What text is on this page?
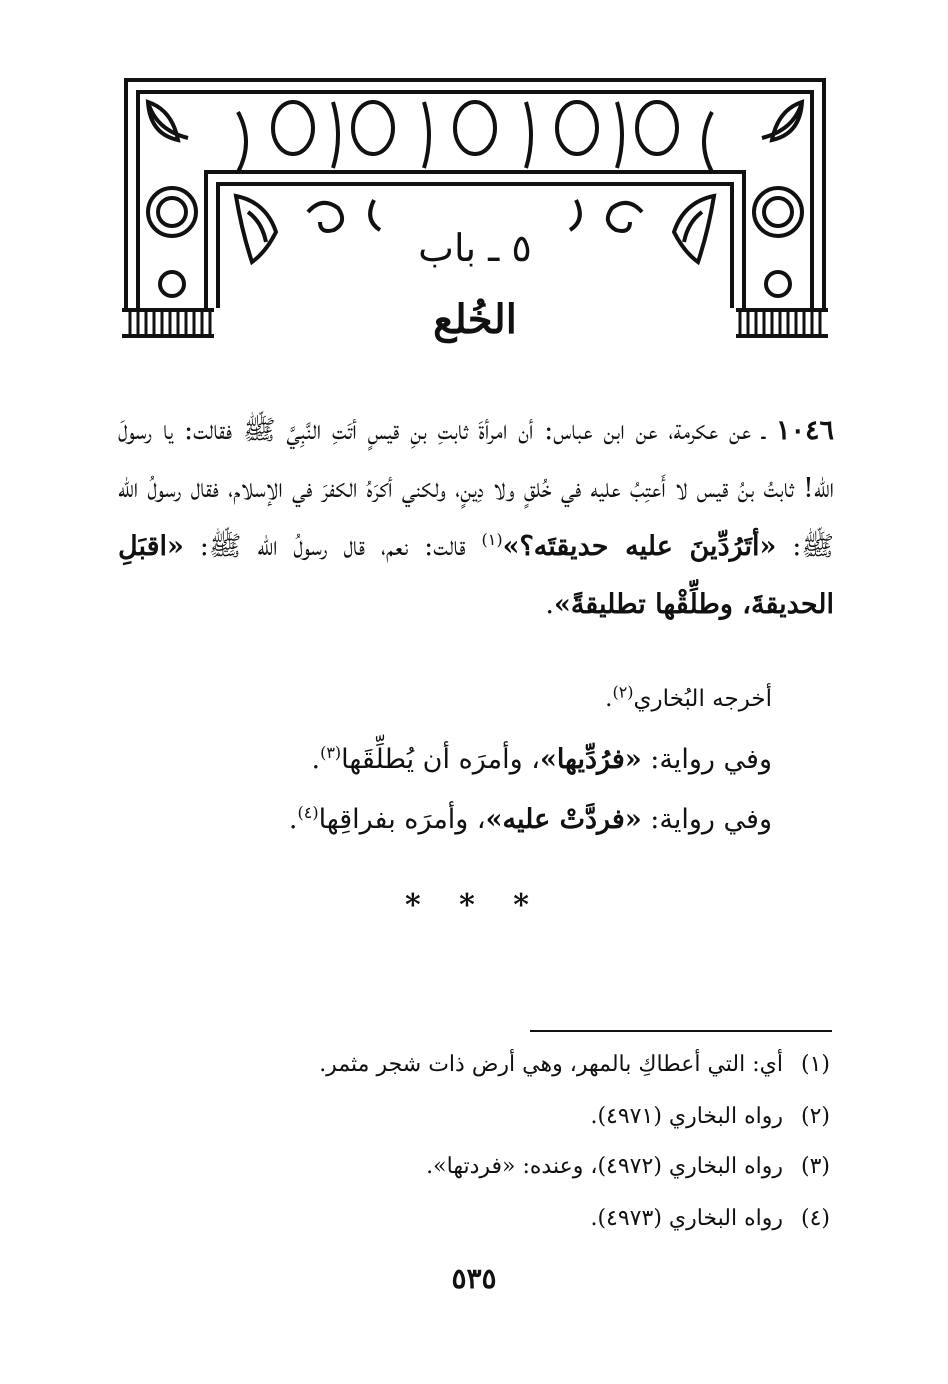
٥ ـ باب
الخُلع

١٠٤٦ ـ عن عكرمة، عن ابن عباس: أن امرأةَ ثابتِ بنِ قيسٍ أتَتِ النَّبِيَّ ﷺ فقالت: يا رسولَ الله! ثابتُ بنُ قيس لا أَعتِبُ عليه في خُلقٍ ولا دِينٍ، ولكني أكرَهُ الكفرَ في الإسلام، فقال رسولُ الله ﷺ: «أتَرُدِّينَ عليه حديقتَه؟»$^{(١)}$ قالت: نعم، قال رسولُ الله ﷺ: «اقبَلِ الحديقةَ، وطلِّقْها تطليقةً».

أخرجه البُخاري$^{(٢)}$.
وفي رواية: «فرُدِّيها»، وأمرَه أن يُطلِّقَها$^{(٣)}$.
وفي رواية: «فردَّتْ عليه»، وأمرَه بفراقِها$^{(٤)}$.
* * *
(١)أي: التي أعطاكِ بالمهر، وهي أرض ذات شجر مثمر.
(٢)رواه البخاري (٤٩٧١).
(٣)رواه البخاري (٤٩٧٢)، وعنده: «فردتها».
(٤)رواه البخاري (٤٩٧٣).
٥٣٥
